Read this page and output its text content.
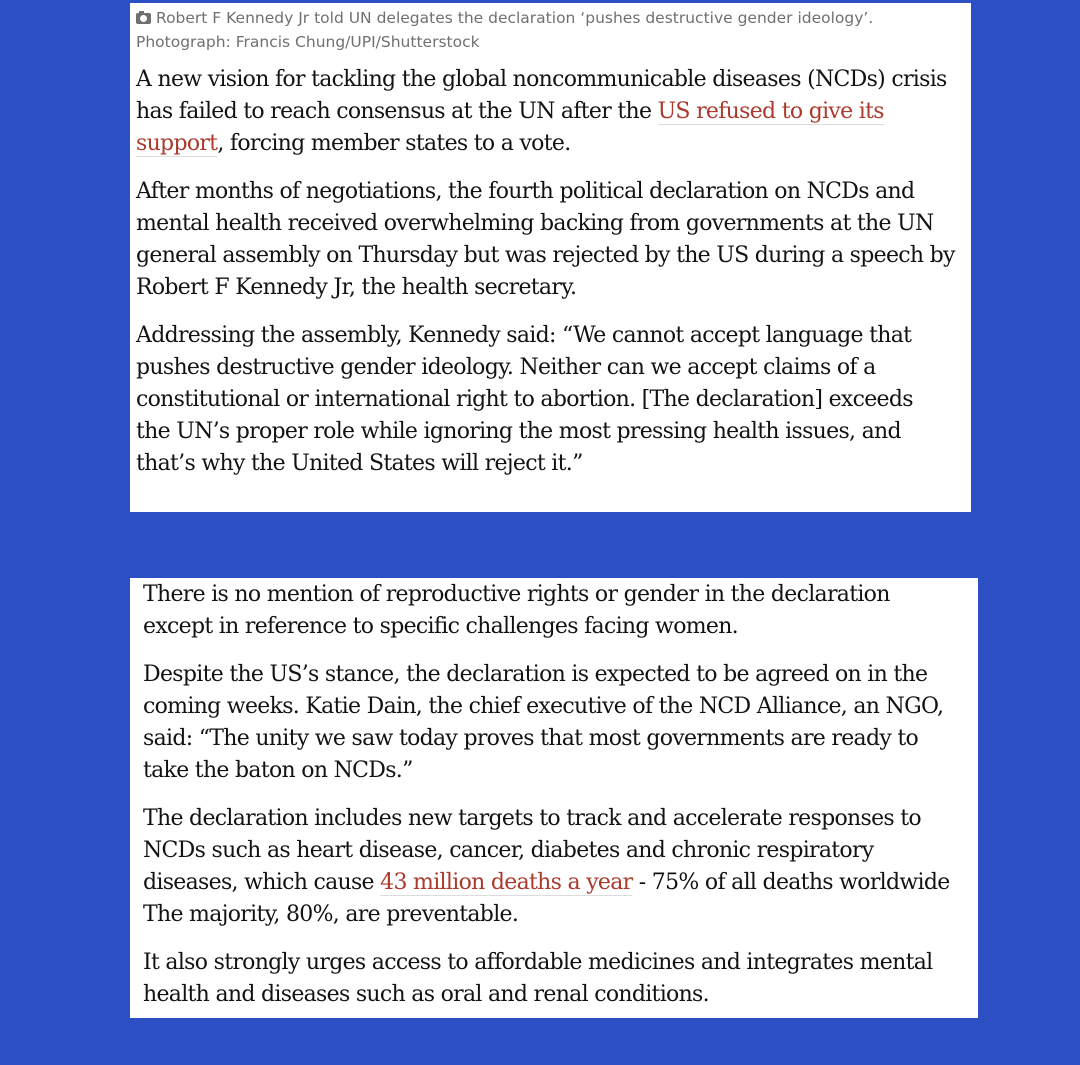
Robert F Kennedy Jr told UN delegates the declaration ‘pushes destructive gender ideology’.
Photograph: Francis Chung/UPI/Shutterstock
A new vision for tackling the global noncommunicable diseases (NCDs) crisis
has failed to reach consensus at the UN after the US refused to give its
support, forcing member states to a vote.
After months of negotiations, the fourth political declaration on NCDs and
mental health received overwhelming backing from governments at the UN
general assembly on Thursday but was rejected by the US during a speech by
Robert F Kennedy Jr, the health secretary.
Addressing the assembly, Kennedy said: “We cannot accept language that
pushes destructive gender ideology. Neither can we accept claims of a
constitutional or international right to abortion. [The declaration] exceeds
the UN’s proper role while ignoring the most pressing health issues, and
that’s why the United States will reject it.”
There is no mention of reproductive rights or gender in the declaration
except in reference to specific challenges facing women.
Despite the US’s stance, the declaration is expected to be agreed on in the
coming weeks. Katie Dain, the chief executive of the NCD Alliance, an NGO,
said: “The unity we saw today proves that most governments are ready to
take the baton on NCDs.”
The declaration includes new targets to track and accelerate responses to
NCDs such as heart disease, cancer, diabetes and chronic respiratory
diseases, which cause 43 million deaths a year - 75% of all deaths worldwide
The majority, 80%, are preventable.
It also strongly urges access to affordable medicines and integrates mental
health and diseases such as oral and renal conditions.
